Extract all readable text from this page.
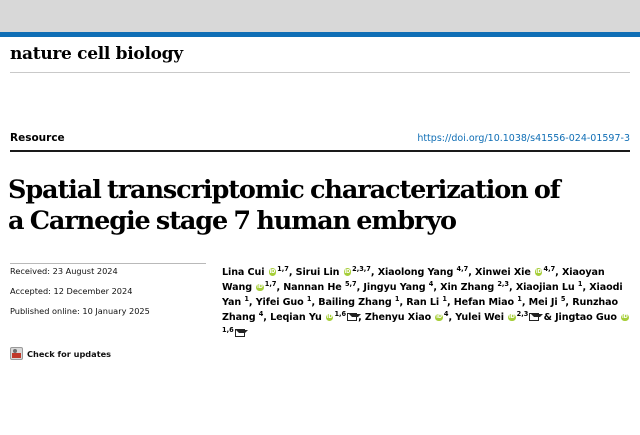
nature cell biology
Resource	https://doi.org/10.1038/s41556-024-01597-3
Spatial transcriptomic characterization of a Carnegie stage 7 human embryo
Received: 23 August 2024
Accepted: 12 December 2024
Published online: 10 January 2025
Check for updates
Lina Cui iD$^{1,7}$, Sirui Lin iD$^{2,3,7}$, Xiaolong Yang $^{4,7}$, Xinwei Xie iD$^{4,7}$, Xiaoyan Wang iD$^{1,7}$, Nannan He $^{5,7}$, Jingyu Yang $^4$, Xin Zhang $^{2,3}$, Xiaojian Lu $^1$, Xiaodi Yan $^1$, Yifei Guo $^1$, Bailing Zhang $^1$, Ran Li $^1$, Hefan Miao $^1$, Mei Ji $^5$, Runzhao Zhang $^4$, Leqian Yu iD$^{1,6}$ , Zhenyu Xiao $iD^4$, Yulei Wei iD$^{2,3}$ & Jingtao Guo iD$^{1,6}$
